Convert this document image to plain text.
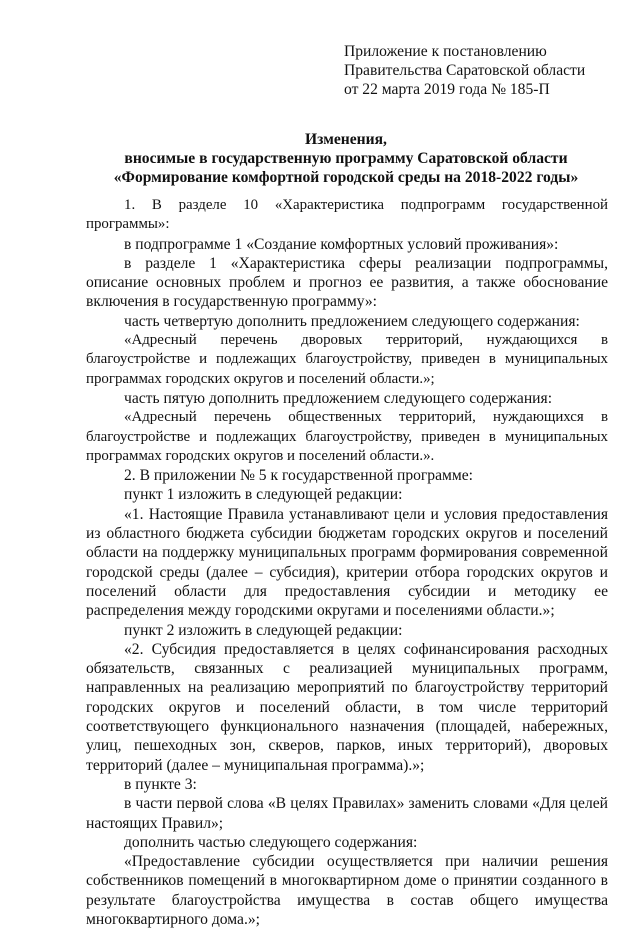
Приложение к постановлению
Правительства Саратовской области
от 22 марта 2019 года № 185-П
Изменения,
вносимые в государственную программу Саратовской области
«Формирование комфортной городской среды на 2018-2022 годы»

1. В разделе 10 «Характеристика подпрограмм государственной программы»:

в подпрограмме 1 «Создание комфортных условий проживания»:

в разделе 1 «Характеристика сферы реализации подпрограммы, описание основных проблем и прогноз ее развития, а также обоснование включения в государственную программу»:

часть четвертую дополнить предложением следующего содержания:

«Адресный перечень дворовых территорий, нуждающихся в благоустройстве и подлежащих благоустройству, приведен в муниципальных программах городских округов и поселений области.»;

часть пятую дополнить предложением следующего содержания:

«Адресный перечень общественных территорий, нуждающихся в благоустройстве и подлежащих благоустройству, приведен в муниципальных программах городских округов и поселений области.».

2. В приложении № 5 к государственной программе:

пункт 1 изложить в следующей редакции:

«1. Настоящие Правила устанавливают цели и условия предоставления из областного бюджета субсидии бюджетам городских округов и поселений области на поддержку муниципальных программ формирования современной городской среды (далее – субсидия), критерии отбора городских округов и поселений области для предоставления субсидии и методику ее распределения между городскими округами и поселениями области.»;

пункт 2 изложить в следующей редакции:

«2. Субсидия предоставляется в целях софинансирования расходных обязательств, связанных с реализацией муниципальных программ, направленных на реализацию мероприятий по благоустройству территорий городских округов и поселений области, в том числе территорий соответствующего функционального назначения (площадей, набережных, улиц, пешеходных зон, скверов, парков, иных территорий), дворовых территорий (далее – муниципальная программа).»;

в пункте 3:

в части первой слова «В целях Правилах» заменить словами «Для целей настоящих Правил»;

дополнить частью следующего содержания:

«Предоставление субсидии осуществляется при наличии решения собственников помещений в многоквартирном доме о принятии созданного в результате благоустройства имущества в состав общего имущества многоквартирного дома.»;
